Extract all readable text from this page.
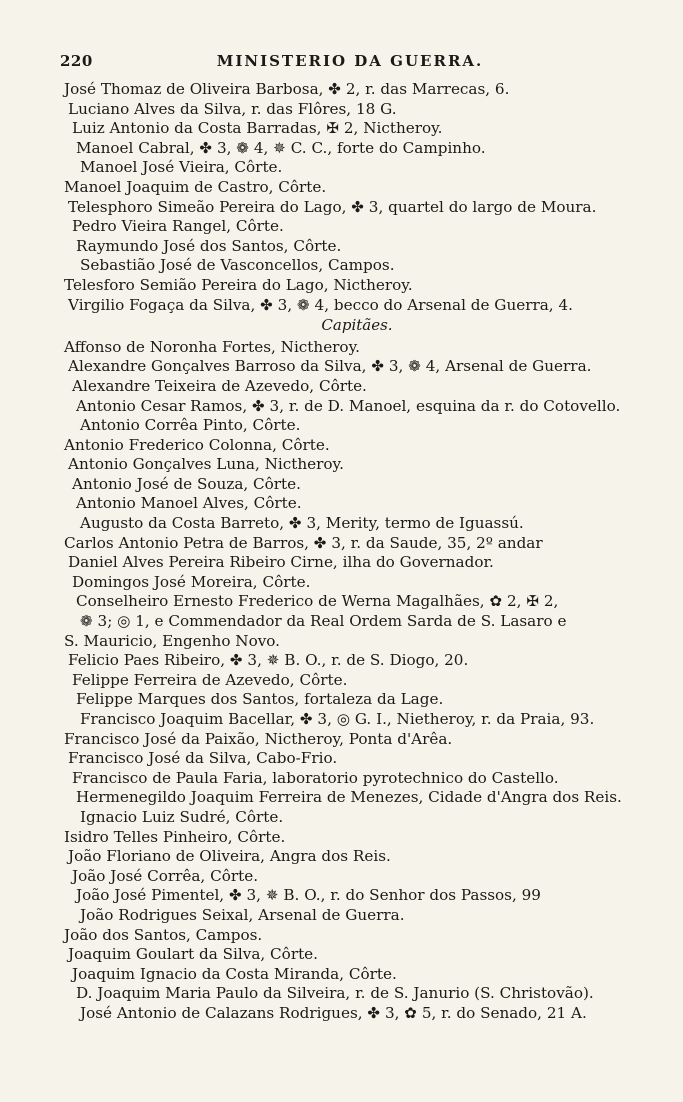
220	MINISTERIO DA GUERRA.
José Thomaz de Oliveira Barbosa, ✤ 2, r. das Marrecas, 6.
Luciano Alves da Silva, r. das Flôres, 18 G.
Luiz Antonio da Costa Barradas, ✠ 2, Nictheroy.
Manoel Cabral, ✤ 3, ❁ 4, ✵ C. C., forte do Campinho.
Manoel José Vieira, Côrte.
Manoel Joaquim de Castro, Côrte.
Telesphoro Simeão Pereira do Lago, ✤ 3, quartel do largo de Moura.
Pedro Vieira Rangel, Côrte.
Raymundo José dos Santos, Côrte.
Sebastião José de Vasconcellos, Campos.
Telesforo Semião Pereira do Lago, Nictheroy.
Virgilio Fogaça da Silva, ✤ 3, ❁ 4, becco do Arsenal de Guerra, 4.
Capitães.
Affonso de Noronha Fortes, Nictheroy.
Alexandre Gonçalves Barroso da Silva, ✤ 3, ❁ 4, Arsenal de Guerra.
Alexandre Teixeira de Azevedo, Côrte.
Antonio Cesar Ramos, ✤ 3, r. de D. Manoel, esquina da r. do Cotovello.
Antonio Corrêa Pinto, Côrte.
Antonio Frederico Colonna, Côrte.
Antonio Gonçalves Luna, Nictheroy.
Antonio José de Souza, Côrte.
Antonio Manoel Alves, Côrte.
Augusto da Costa Barreto, ✤ 3, Merity, termo de Iguassú.
Carlos Antonio Petra de Barros, ✤ 3, r. da Saude, 35, 2º andar
Daniel Alves Pereira Ribeiro Cirne, ilha do Governador.
Domingos José Moreira, Côrte.
Conselheiro Ernesto Frederico de Werna Magalhães, ✿ 2, ✠ 2,
❁ 3; ◎ 1, e Commendador da Real Ordem Sarda de S. Lasaro e
S. Mauricio, Engenho Novo.
Felicio Paes Ribeiro, ✤ 3, ✵ B. O., r. de S. Diogo, 20.
Felippe Ferreira de Azevedo, Côrte.
Felippe Marques dos Santos, fortaleza da Lage.
Francisco Joaquim Bacellar, ✤ 3, ◎ G. I., Nietheroy, r. da Praia, 93.
Francisco José da Paixão, Nictheroy, Ponta d'Arêa.
Francisco José da Silva, Cabo-Frio.
Francisco de Paula Faria, laboratorio pyrotechnico do Castello.
Hermenegildo Joaquim Ferreira de Menezes, Cidade d'Angra dos Reis.
Ignacio Luiz Sudré, Côrte.
Isidro Telles Pinheiro, Côrte.
João Floriano de Oliveira, Angra dos Reis.
João José Corrêa, Côrte.
João José Pimentel, ✤ 3, ✵ B. O., r. do Senhor dos Passos, 99
João Rodrigues Seixal, Arsenal de Guerra.
João dos Santos, Campos.
Joaquim Goulart da Silva, Côrte.
Joaquim Ignacio da Costa Miranda, Côrte.
D. Joaquim Maria Paulo da Silveira, r. de S. Janurio (S. Christovão).
José Antonio de Calazans Rodrigues, ✤ 3, ✿ 5, r. do Senado, 21 A.
